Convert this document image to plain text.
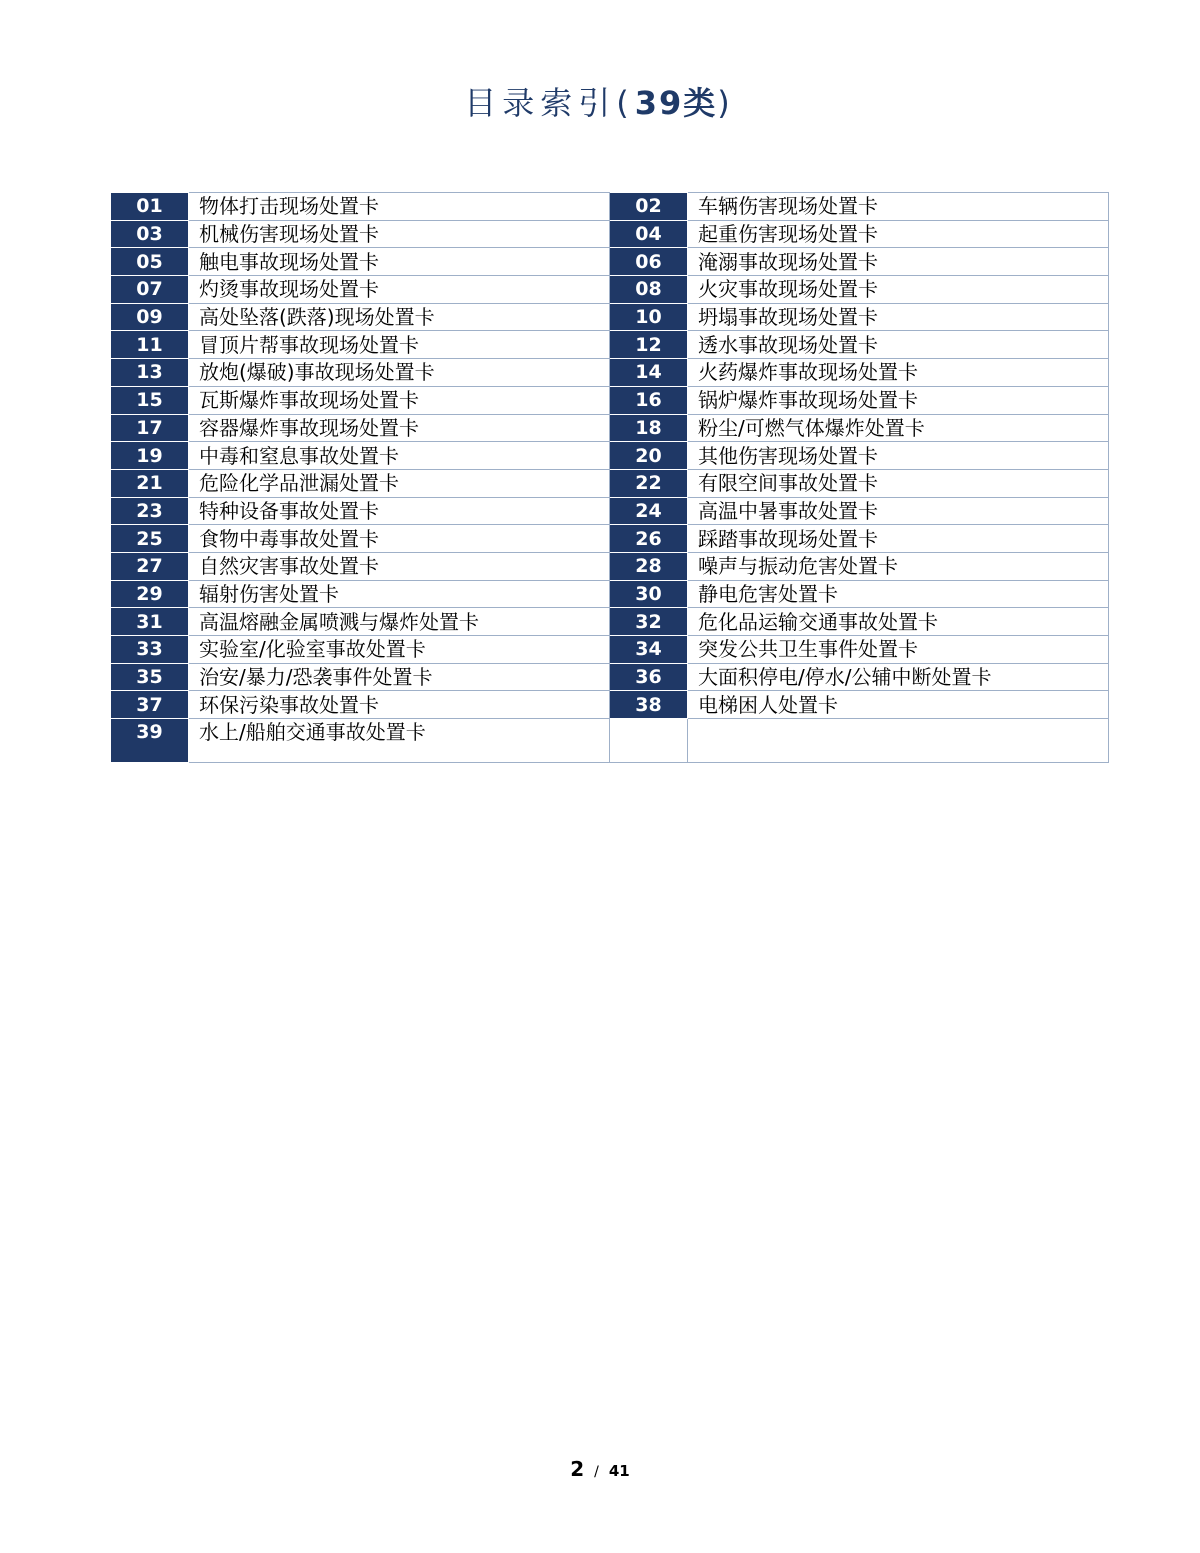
目录索引(39类)
01	物体打击现场处置卡	02	车辆伤害现场处置卡
03	机械伤害现场处置卡	04	起重伤害现场处置卡
05	触电事故现场处置卡	06	淹溺事故现场处置卡
07	灼烫事故现场处置卡	08	火灾事故现场处置卡
09	高处坠落(跌落)现场处置卡	10	坍塌事故现场处置卡
11	冒顶片帮事故现场处置卡	12	透水事故现场处置卡
13	放炮(爆破)事故现场处置卡	14	火药爆炸事故现场处置卡
15	瓦斯爆炸事故现场处置卡	16	锅炉爆炸事故现场处置卡
17	容器爆炸事故现场处置卡	18	粉尘/可燃气体爆炸处置卡
19	中毒和窒息事故处置卡	20	其他伤害现场处置卡
21	危险化学品泄漏处置卡	22	有限空间事故处置卡
23	特种设备事故处置卡	24	高温中暑事故处置卡
25	食物中毒事故处置卡	26	踩踏事故现场处置卡
27	自然灾害事故处置卡	28	噪声与振动危害处置卡
29	辐射伤害处置卡	30	静电危害处置卡
31	高温熔融金属喷溅与爆炸处置卡	32	危化品运输交通事故处置卡
33	实验室/化验室事故处置卡	34	突发公共卫生事件处置卡
35	治安/暴力/恐袭事件处置卡	36	大面积停电/停水/公辅中断处置卡
37	环保污染事故处置卡	38	电梯困人处置卡
39	水上/船舶交通事故处置卡		
2 / 41
